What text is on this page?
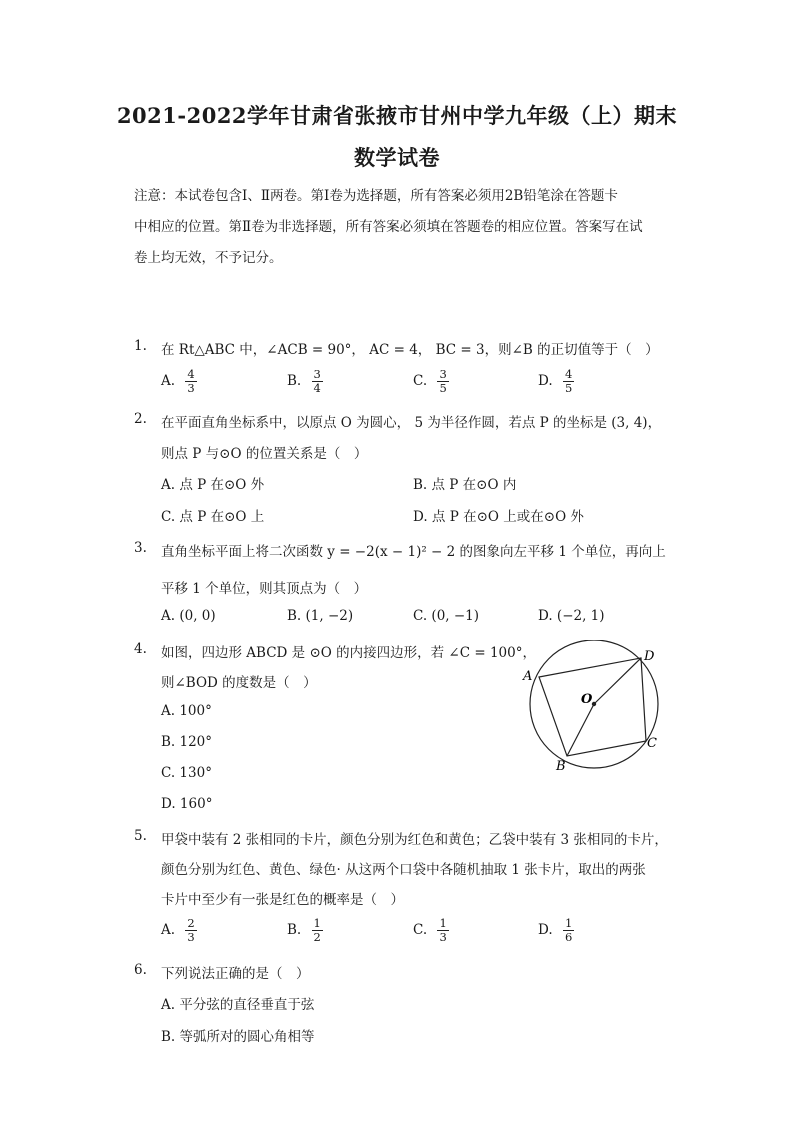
2021-2022学年甘肃省张掖市甘州中学九年级（上）期末
数学试卷

注意：本试卷包含Ⅰ、Ⅱ两卷。第Ⅰ卷为选择题，所有答案必须用2B铅笔涂在答题卡

中相应的位置。第Ⅱ卷为非选择题，所有答案必须填在答题卷的相应位置。答案写在试

卷上均无效，不予记分。

1. 在 Rt△ABC 中，∠ACB = 90°， AC = 4， BC = 3，则∠B 的正切值等于（　）
A. $\frac{4}{3}$	B. $\frac{3}{4}$	C. $\frac{3}{5}$	D. $\frac{4}{5}$
2. 在平面直角坐标系中，以原点 O 为圆心， 5 为半径作圆，若点 P 的坐标是 (3, 4)，
则点 P 与⊙O 的位置关系是（　）
A. 点 P 在⊙O 外	B. 点 P 在⊙O 内
C. 点 P 在⊙O 上	D. 点 P 在⊙O 上或在⊙O 外
3. 直角坐标平面上将二次函数 y = −2(x − 1)² − 2 的图象向左平移 1 个单位，再向上
平移 1 个单位，则其顶点为（　）
A. (0, 0)	B. (1, −2)	C. (0, −1)	D. (−2, 1)
4. 如图，四边形 ABCD 是 ⊙O 的内接四边形，若 ∠C = 100°，
则∠BOD 的度数是（　）
A. 100°
B. 120°
C. 130°
D. 160°
A
D
C
B
O
5. 甲袋中装有 2 张相同的卡片，颜色分别为红色和黄色；乙袋中装有 3 张相同的卡片，
颜色分别为红色、黄色、绿色· 从这两个口袋中各随机抽取 1 张卡片，取出的两张
卡片中至少有一张是红色的概率是（　）
A. $\frac{2}{3}$	B. $\frac{1}{2}$	C. $\frac{1}{3}$	D. $\frac{1}{6}$
6. 下列说法正确的是（　）
A. 平分弦的直径垂直于弦
B. 等弧所对的圆心角相等
